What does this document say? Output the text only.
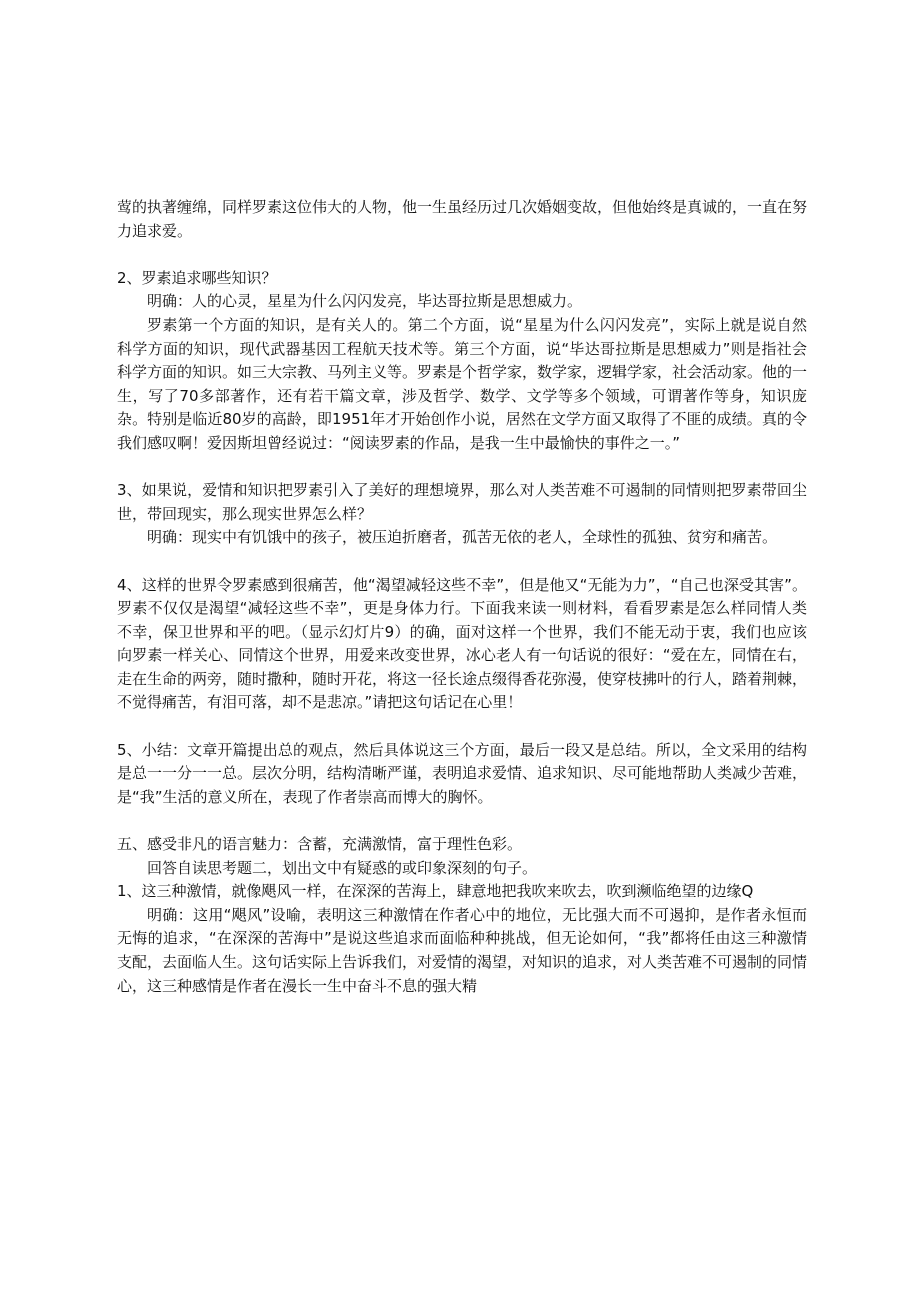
莺的执著缠绵，同样罗素这位伟大的人物，他一生虽经历过几次婚姻变故，但他始终是真诚的，一直在努力追求爱。

2、罗素追求哪些知识？

明确：人的心灵，星星为什么闪闪发亮，毕达哥拉斯是思想威力。

罗素第一个方面的知识，是有关人的。第二个方面，说“星星为什么闪闪发亮”，实际上就是说自然科学方面的知识，现代武器基因工程航天技术等。第三个方面，说“毕达哥拉斯是思想威力”则是指社会科学方面的知识。如三大宗教、马列主义等。罗素是个哲学家，数学家，逻辑学家，社会活动家。他的一生，写了70多部著作，还有若干篇文章，涉及哲学、数学、文学等多个领域，可谓著作等身，知识庞杂。特别是临近80岁的高龄，即1951年才开始创作小说，居然在文学方面又取得了不匪的成绩。真的令我们感叹啊！爱因斯坦曾经说过：“阅读罗素的作品，是我一生中最愉快的事件之一。”

3、如果说，爱情和知识把罗素引入了美好的理想境界，那么对人类苦难不可遏制的同情则把罗素带回尘世，带回现实，那么现实世界怎么样？

明确：现实中有饥饿中的孩子，被压迫折磨者，孤苦无依的老人，全球性的孤独、贫穷和痛苦。

4、这样的世界令罗素感到很痛苦，他“渴望减轻这些不幸”，但是他又“无能为力”，“自己也深受其害”。罗素不仅仅是渴望“减轻这些不幸”，更是身体力行。下面我来读一则材料，看看罗素是怎么样同情人类不幸，保卫世界和平的吧。（显示幻灯片9）的确，面对这样一个世界，我们不能无动于衷，我们也应该向罗素一样关心、同情这个世界，用爱来改变世界，冰心老人有一句话说的很好：“爱在左，同情在右，走在生命的两旁，随时撒种，随时开花，将这一径长途点缀得香花弥漫，使穿枝拂叶的行人，踏着荆棘，不觉得痛苦，有泪可落，却不是悲凉。”请把这句话记在心里！

5、小结：文章开篇提出总的观点，然后具体说这三个方面，最后一段又是总结。所以，全文采用的结构是总一一分一一总。层次分明，结构清晰严谨，表明追求爱情、追求知识、尽可能地帮助人类减少苦难，是“我”生活的意义所在，表现了作者崇高而博大的胸怀。

五、感受非凡的语言魅力：含蓄，充满激情，富于理性色彩。

回答自读思考题二，划出文中有疑惑的或印象深刻的句子。

1、这三种激情，就像飓风一样，在深深的苦海上，肆意地把我吹来吹去，吹到濒临绝望的边缘Q

明确：这用“飓风”设喻，表明这三种激情在作者心中的地位，无比强大而不可遏抑，是作者永恒而无悔的追求，“在深深的苦海中”是说这些追求而面临种种挑战，但无论如何，“我”都将任由这三种激情支配，去面临人生。这句话实际上告诉我们，对爱情的渴望，对知识的追求，对人类苦难不可遏制的同情心，这三种感情是作者在漫长一生中奋斗不息的强大精
